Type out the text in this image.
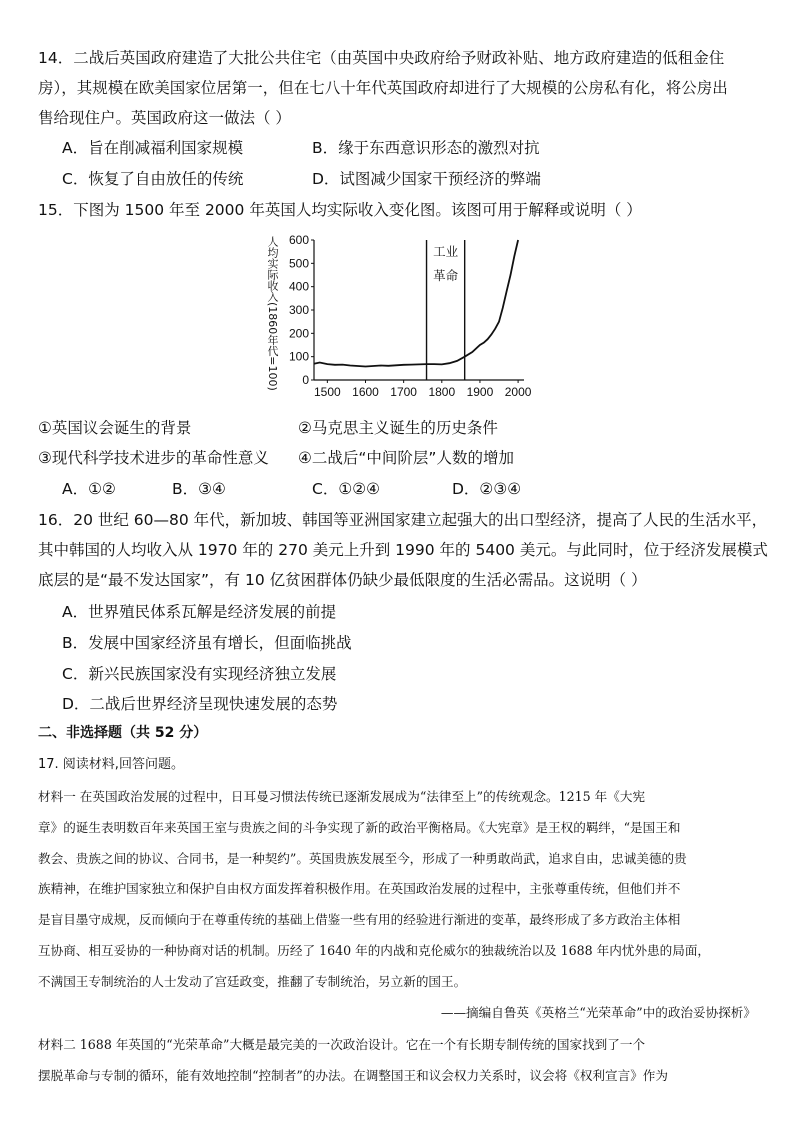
14．二战后英国政府建造了大批公共住宅（由英国中央政府给予财政补贴、地方政府建造的低租金住
房），其规模在欧美国家位居第一，但在七八十年代英国政府却进行了大规模的公房私有化，将公房出
售给现住户。英国政府这一做法（ ）
A．旨在削减福利国家规模	B．缘于东西意识形态的激烈对抗
C．恢复了自由放任的传统	D．试图减少国家干预经济的弊端
15．下图为 1500 年至 2000 年英国人均实际收入变化图。该图可用于解释或说明（ ）
人均实际收入(1860年代=100) 0
100
200
300
400
500
600
1500 1600 1700 1800 1900 2000
工业
革命
①英国议会诞生的背景	②马克思主义诞生的历史条件
③现代科学技术进步的革命性意义 ④二战后“中间阶层”人数的增加
A．①②	B．③④	C．①②④	D．②③④
16．20 世纪 60—80 年代，新加坡、韩国等亚洲国家建立起强大的出口型经济，提高了人民的生活水平，
其中韩国的人均收入从 1970 年的 270 美元上升到 1990 年的 5400 美元。与此同时，位于经济发展模式
底层的是“最不发达国家”，有 10 亿贫困群体仍缺少最低限度的生活必需品。这说明（ ）
A．世界殖民体系瓦解是经济发展的前提
B．发展中国家经济虽有增长，但面临挑战
C．新兴民族国家没有实现经济独立发展
D．二战后世界经济呈现快速发展的态势
二、非选择题（共 52 分）
17. 阅读材料,回答问题。
材料一 在英国政治发展的过程中，日耳曼习惯法传统已逐渐发展成为“法律至上”的传统观念。1215 年《大宪
章》的诞生表明数百年来英国王室与贵族之间的斗争实现了新的政治平衡格局。《大宪章》是王权的羁绊，“是国王和
教会、贵族之间的协议、合同书，是一种契约”。英国贵族发展至今，形成了一种勇敢尚武，追求自由，忠诚美德的贵
族精神，在维护国家独立和保护自由权方面发挥着积极作用。在英国政治发展的过程中，主张尊重传统，但他们并不
是盲目墨守成规，反而倾向于在尊重传统的基础上借鉴一些有用的经验进行渐进的变革，最终形成了多方政治主体相
互协商、相互妥协的一种协商对话的机制。历经了 1640 年的内战和克伦威尔的独裁统治以及 1688 年内忧外患的局面，
不满国王专制统治的人士发动了宫廷政变，推翻了专制统治，另立新的国王。
——摘编自鲁英《英格兰“光荣革命”中的政治妥协探析》
材料二 1688 年英国的“光荣革命”大概是最完美的一次政治设计。它在一个有长期专制传统的国家找到了一个
摆脱革命与专制的循环，能有效地控制“控制者”的办法。在调整国王和议会权力关系时，议会将《权利宣言》作为
